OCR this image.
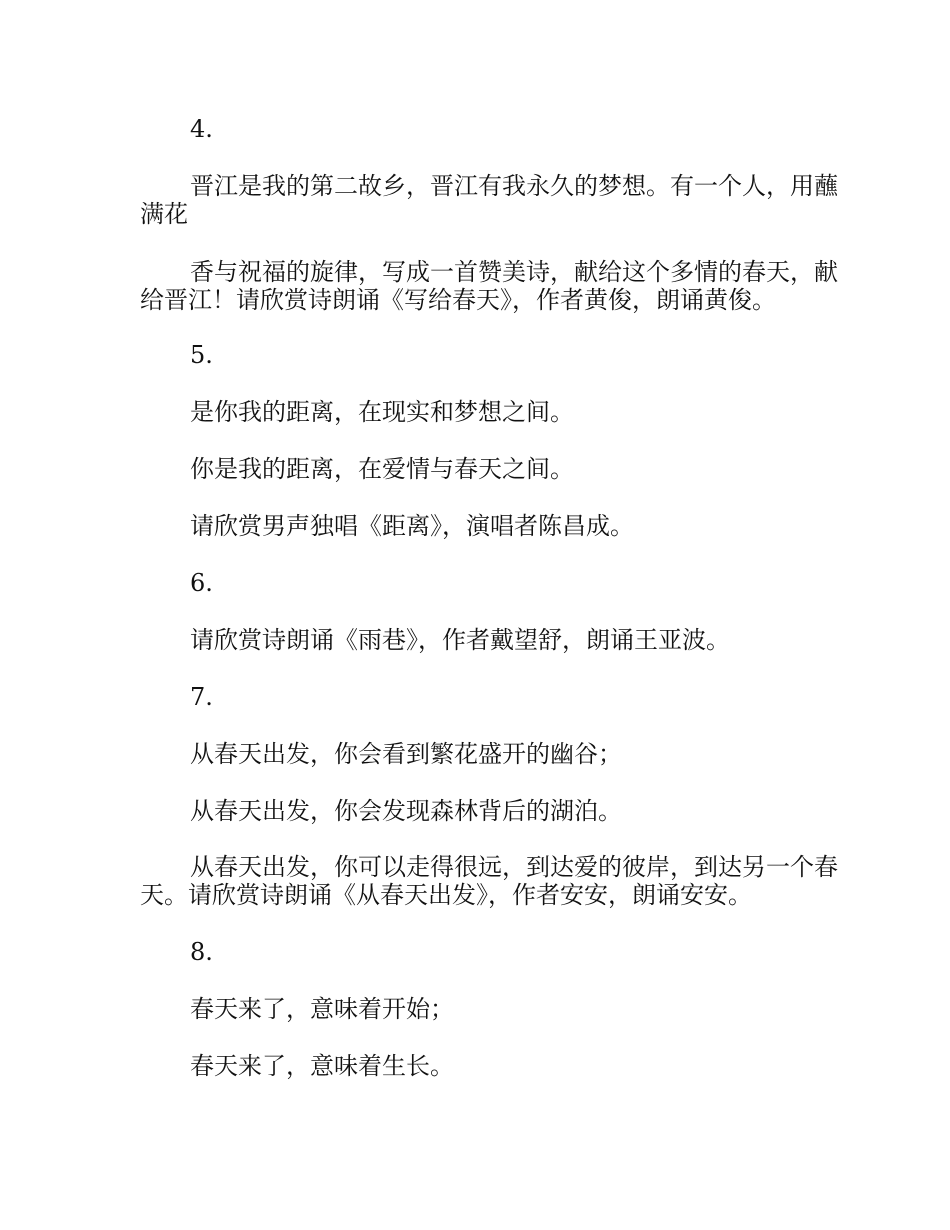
4.

晋江是我的第二故乡，晋江有我永久的梦想。有一个人，用蘸满花

香与祝福的旋律，写成一首赞美诗，献给这个多情的春天，献给晋江！请欣赏诗朗诵《写给春天》，作者黄俊，朗诵黄俊。

5.

是你我的距离，在现实和梦想之间。

你是我的距离，在爱情与春天之间。

请欣赏男声独唱《距离》，演唱者陈昌成。

6.

请欣赏诗朗诵《雨巷》，作者戴望舒，朗诵王亚波。

7.

从春天出发，你会看到繁花盛开的幽谷；

从春天出发，你会发现森林背后的湖泊。

从春天出发，你可以走得很远，到达爱的彼岸，到达另一个春天。请欣赏诗朗诵《从春天出发》，作者安安，朗诵安安。

8.

春天来了，意味着开始；

春天来了，意味着生长。
